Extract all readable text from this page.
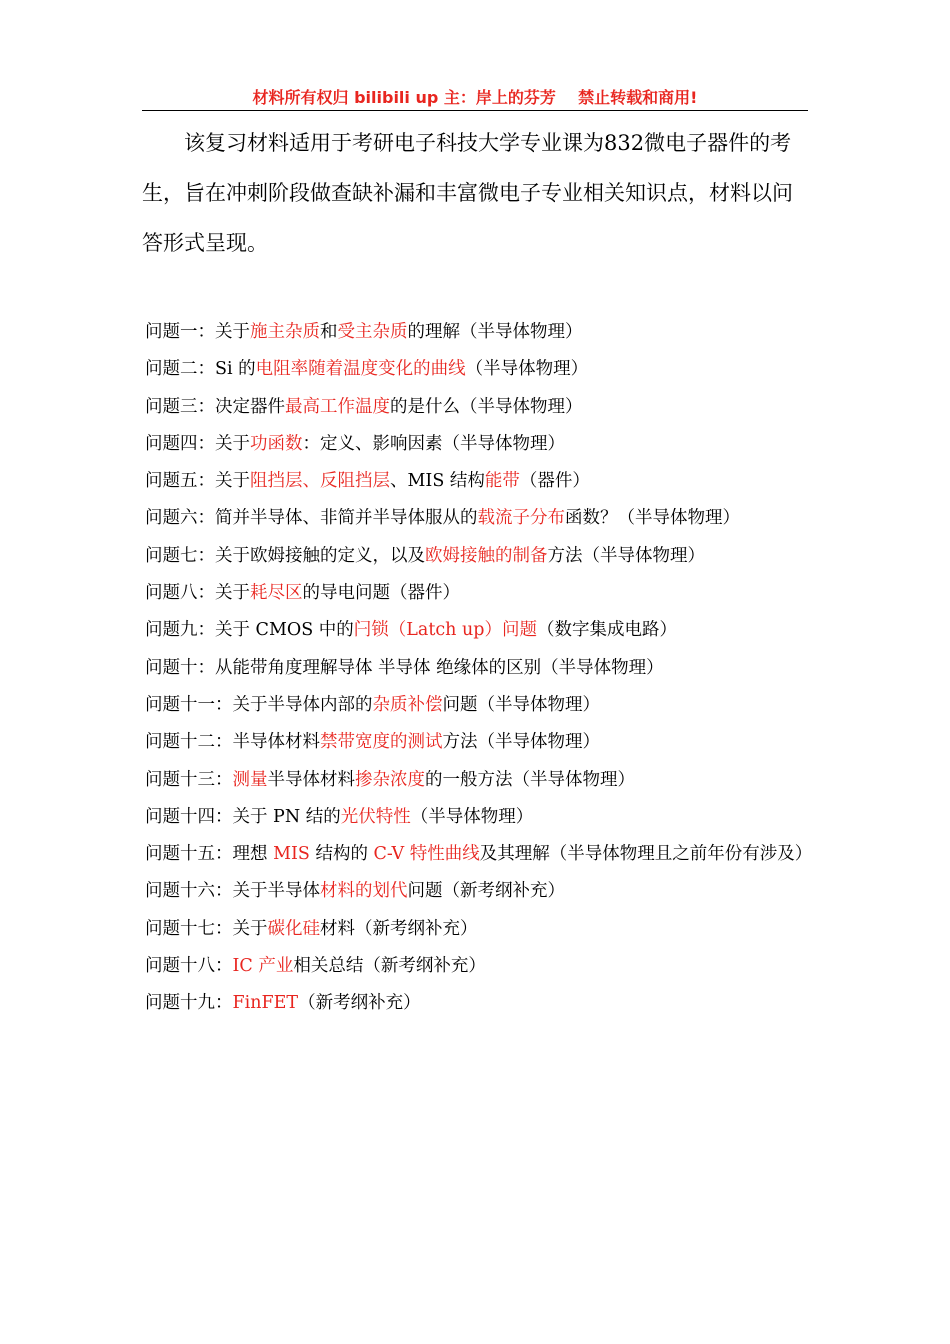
材料所有权归 bilibili up 主：岸上的芬芳    禁止转载和商用!

该复习材料适用于考研电子科技大学专业课为832微电子器件的考生，旨在冲刺阶段做查缺补漏和丰富微电子专业相关知识点，材料以问答形式呈现。

问题一：关于施主杂质和受主杂质的理解（半导体物理）
问题二：Si 的电阻率随着温度变化的曲线（半导体物理）
问题三：决定器件最高工作温度的是什么（半导体物理）
问题四：关于功函数：定义、影响因素（半导体物理）
问题五：关于阻挡层、反阻挡层、MIS 结构能带（器件）
问题六：简并半导体、非简并半导体服从的载流子分布函数？（半导体物理）
问题七：关于欧姆接触的定义，以及欧姆接触的制备方法（半导体物理）
问题八：关于耗尽区的导电问题（器件）
问题九：关于 CMOS 中的闩锁（Latch up）问题（数字集成电路）
问题十：从能带角度理解导体 半导体 绝缘体的区别（半导体物理）
问题十一：关于半导体内部的杂质补偿问题（半导体物理）
问题十二：半导体材料禁带宽度的测试方法（半导体物理）
问题十三：测量半导体材料掺杂浓度的一般方法（半导体物理）
问题十四：关于 PN 结的光伏特性（半导体物理）
问题十五：理想 MIS 结构的 C-V 特性曲线及其理解（半导体物理且之前年份有涉及）
问题十六：关于半导体材料的划代问题（新考纲补充）
问题十七：关于碳化硅材料（新考纲补充）
问题十八：IC 产业相关总结（新考纲补充）
问题十九：FinFET（新考纲补充）
